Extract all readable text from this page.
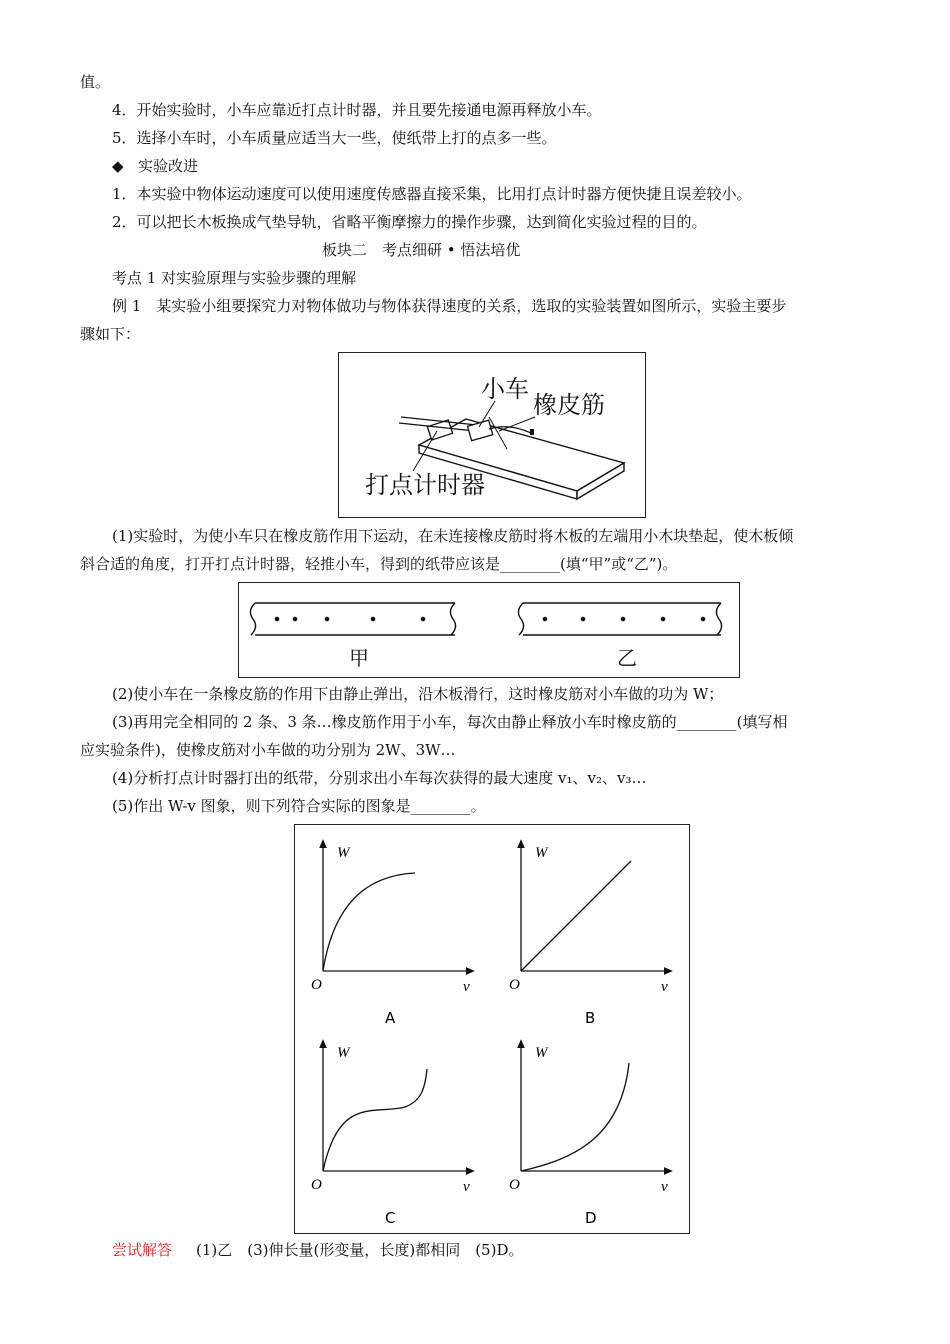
值。
4．开始实验时，小车应靠近打点计时器，并且要先接通电源再释放小车。
5．选择小车时，小车质量应适当大一些，使纸带上打的点多一些。
◆ 实验改进
1．本实验中物体运动速度可以使用速度传感器直接采集，比用打点计时器方便快捷且误差较小。
2．可以把长木板换成气垫导轨，省略平衡摩擦力的操作步骤，达到简化实验过程的目的。
板块二　考点细研 • 悟法培优
考点 1 对实验原理与实验步骤的理解
例 1　某实验小组要探究力对物体做功与物体获得速度的关系，选取的实验装置如图所示，实验主要步
骤如下：
小车
橡皮筋
打点计时器
(1)实验时，为使小车只在橡皮筋作用下运动，在未连接橡皮筋时将木板的左端用小木块垫起，使木板倾
斜合适的角度，打开打点计时器，轻推小车，得到的纸带应该是________(填“甲”或“乙”)。
甲	乙
(2)使小车在一条橡皮筋的作用下由静止弹出，沿木板滑行，这时橡皮筋对小车做的功为 W；
(3)再用完全相同的 2 条、3 条…橡皮筋作用于小车，每次由静止释放小车时橡皮筋的________(填写相
应实验条件)，使橡皮筋对小车做的功分别为 2W、3W…
(4)分析打点计时器打出的纸带，分别求出小车每次获得的最大速度 v₁、v₂、v₃…
(5)作出 W-v 图象，则下列符合实际的图象是________。
W
O	v
A
W
O	v
B
W
O	v
C
W
O	v
D
尝试解答 (1)乙　(3)伸长量(形变量，长度)都相同　(5)D。
